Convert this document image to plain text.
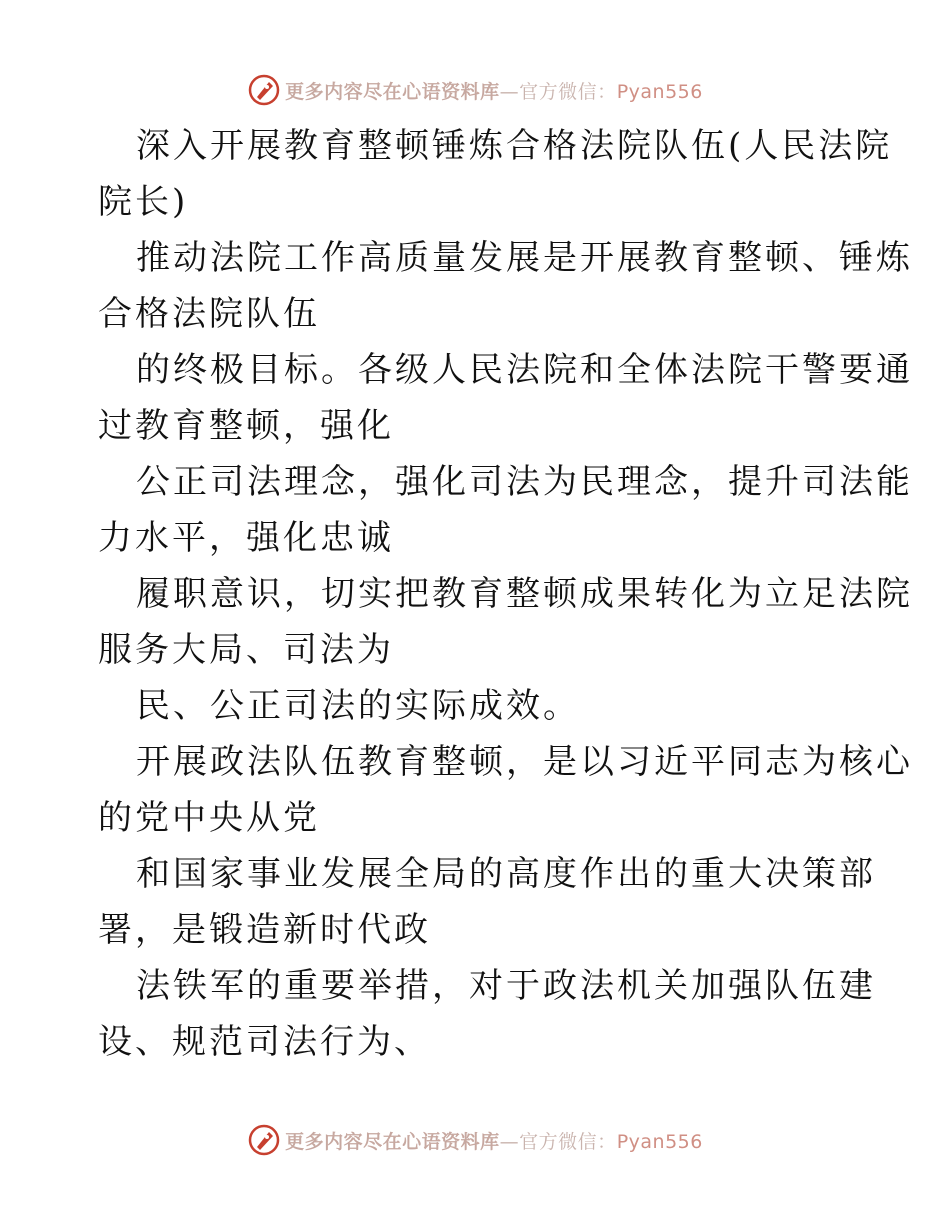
更多内容尽在心语资料库—官方微信：Pyan556
深入开展教育整顿锤炼合格法院队伍(人民法院
院长)
推动法院工作高质量发展是开展教育整顿、锤炼
合格法院队伍
的终极目标。各级人民法院和全体法院干警要通
过教育整顿，强化
公正司法理念，强化司法为民理念，提升司法能
力水平，强化忠诚
履职意识，切实把教育整顿成果转化为立足法院
服务大局、司法为
民、公正司法的实际成效。
开展政法队伍教育整顿，是以习近平同志为核心
的党中央从党
和国家事业发展全局的高度作出的重大决策部
署，是锻造新时代政
法铁军的重要举措，对于政法机关加强队伍建
设、规范司法行为、
更多内容尽在心语资料库—官方微信：Pyan556
